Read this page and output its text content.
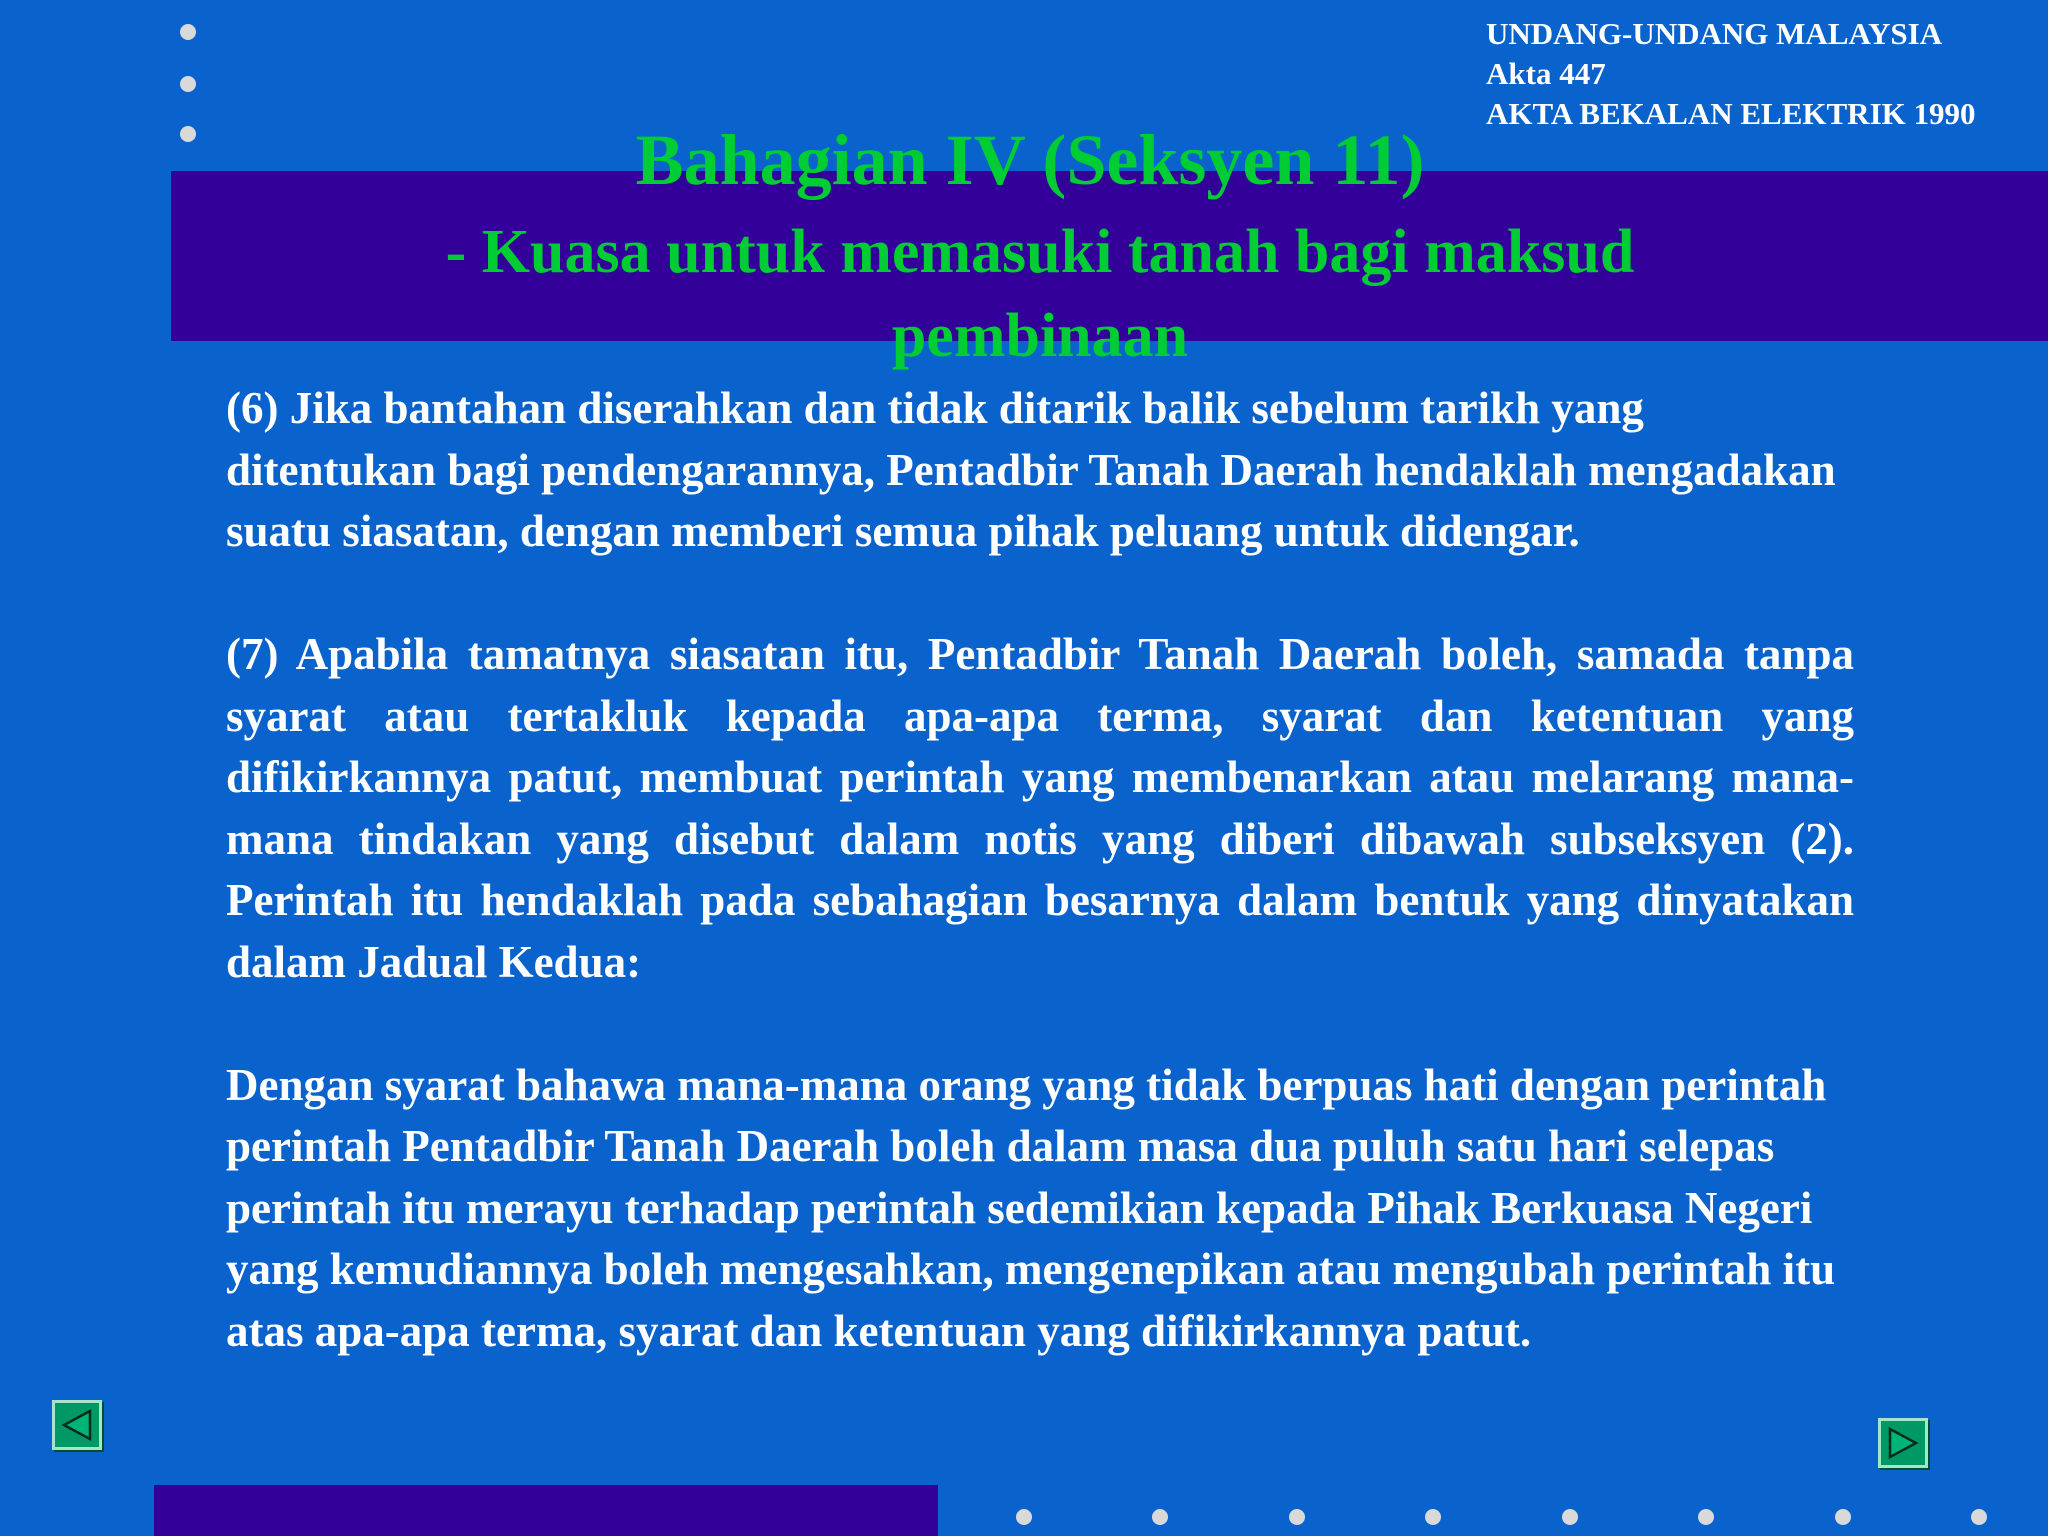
UNDANG-UNDANG MALAYSIA
Akta 447
AKTA BEKALAN ELEKTRIK 1990
Bahagian IV (Seksyen 11)
- Kuasa untuk memasuki tanah bagi maksud pembinaan

(6) Jika bantahan diserahkan dan tidak ditarik balik sebelum tarikh yang ditentukan bagi pendengarannya, Pentadbir Tanah Daerah hendaklah mengadakan suatu siasatan, dengan memberi semua pihak peluang untuk didengar.

(7) Apabila tamatnya siasatan itu, Pentadbir Tanah Daerah boleh, samada tanpa syarat atau tertakluk kepada apa-apa terma, syarat dan ketentuan yang difikirkannya patut, membuat perintah yang membenarkan atau melarang mana-mana tindakan yang disebut dalam notis yang diberi dibawah subseksyen (2). Perintah itu hendaklah pada sebahagian besarnya dalam bentuk yang dinyatakan dalam Jadual Kedua:

Dengan syarat bahawa mana-mana orang yang tidak berpuas hati dengan perintah perintah Pentadbir Tanah Daerah boleh dalam masa dua puluh satu hari selepas perintah itu merayu terhadap perintah sedemikian kepada Pihak Berkuasa Negeri yang kemudiannya boleh mengesahkan, mengenepikan atau mengubah perintah itu atas apa-apa terma, syarat dan ketentuan yang difikirkannya patut.
